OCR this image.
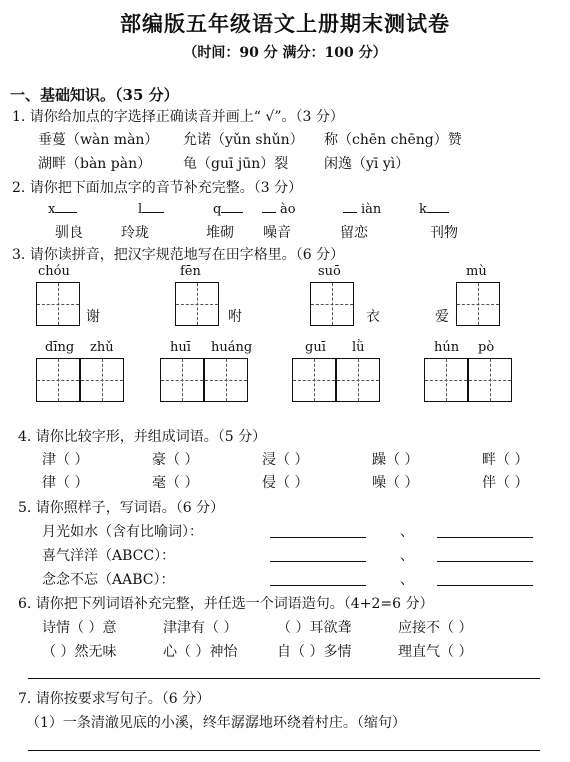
部编版五年级语文上册期末测试卷
（时间：90 分 满分：100 分）
一、基础知识。（35 分）
1. 请你给加点的字选择正确读音并画上“ √”。（3 分）
垂蔓（wàn màn） 允诺（yǔn shǔn） 称（chēn chēng）赞
湖畔（bàn pàn） 龟（guī jūn）裂	闲逸（yī yì）
2. 请你把下面加点字的音节补充完整。（3 分）
x	l	q	ào	iàn	k
驯良	玲珑	堆砌 噪音	留恋	刊物
3. 请你读拼音，把汉字规范地写在田字格里。（6 分）
chóu
谢
fēn
咐
suō
衣
mù
爱
dīng zhǔ	huī huáng	guī lǜ	hún pò
4. 请你比较字形，并组成词语。（5 分）
津（ ）	豪（ ）	浸（ ）	躁（ ）	畔（ ）
律（ ）	毫（ ）	侵（ ）	噪（ ）	伴（ ）
5. 请你照样子，写词语。（6 分）
月光如水（含有比喻词）：	、
喜气洋洋（ABCC）：	、
念念不忘（AABC）：	、
6. 请你把下列词语补充完整，并任选一个词语造句。（4+2=6 分）
诗情（ ）意	津津有（ ）	（ ）耳欲聋	应接不（ ）
（ ）然无味	心（ ）神怡	自（ ）多情	理直气（ ）
7. 请你按要求写句子。（6 分）
（1）一条清澈见底的小溪，终年潺潺地环绕着村庄。（缩句）
